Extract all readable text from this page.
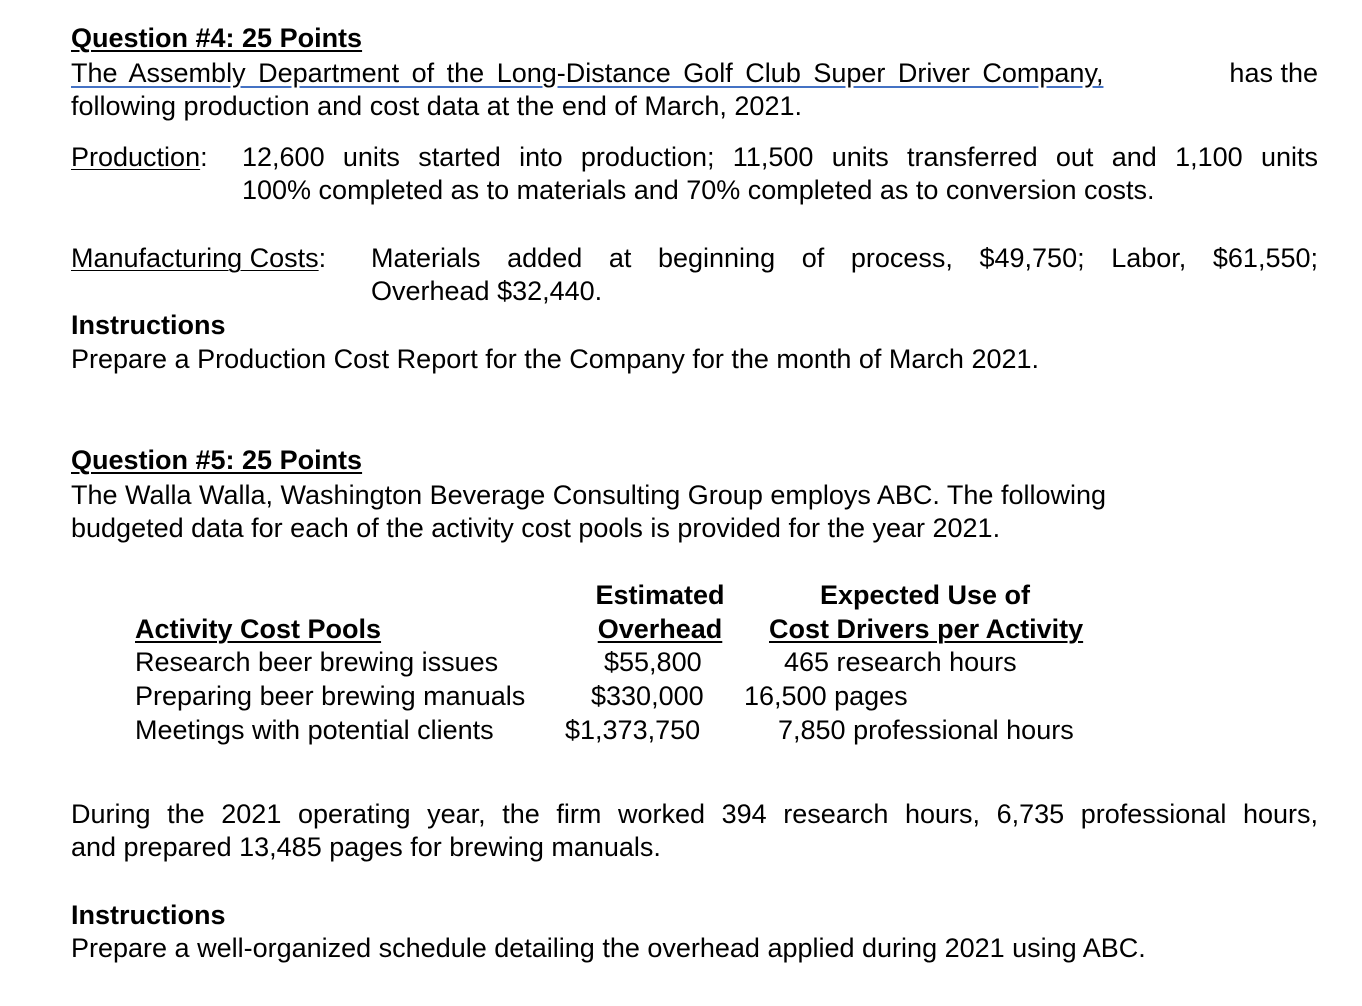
Question #4: 25 Points
The Assembly Department of the Long-Distance Golf Club Super Driver Company,	has the
following production and cost data at the end of March, 2021.
Production: 12,600 units started into production; 11,500 units transferred out and 1,100 units
100% completed as to materials and 70% completed as to conversion costs.
Manufacturing Costs: Materials added at beginning of process, $49,750; Labor, $61,550;
Overhead $32,440.
Instructions
Prepare a Production Cost Report for the Company for the month of March 2021.
Question #5: 25 Points
The Walla Walla, Washington Beverage Consulting Group employs ABC. The following
budgeted data for each of the activity cost pools is provided for the year 2021.
Estimated	Expected Use of
Activity Cost Pools	Overhead	Cost Drivers per Activity
Research beer brewing issues	$55,800	465 research hours
Preparing beer brewing manuals $330,000 16,500 pages
Meetings with potential clients	$1,373,750	7,850 professional hours
During the 2021 operating year, the firm worked 394 research hours, 6,735 professional hours,
and prepared 13,485 pages for brewing manuals.
Instructions
Prepare a well-organized schedule detailing the overhead applied during 2021 using ABC.
